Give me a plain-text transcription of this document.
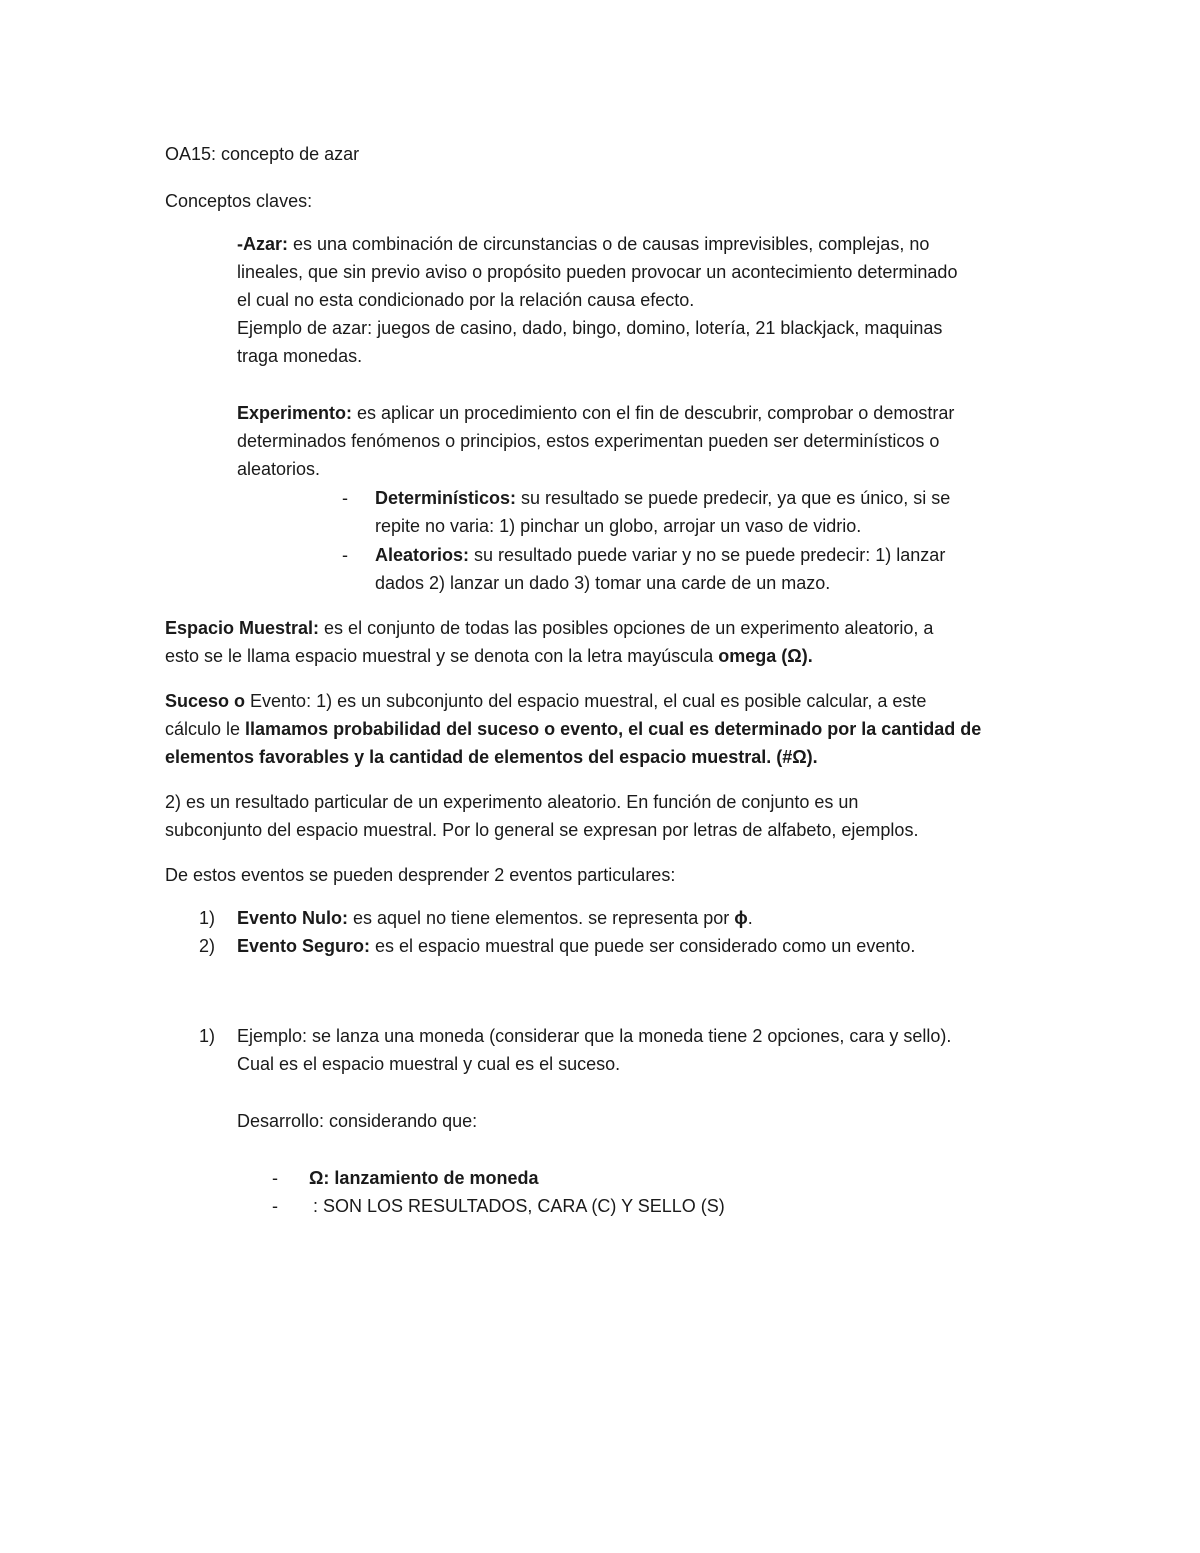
OA15: concepto de azar
Conceptos claves:
-Azar: es una combinación de circunstancias o de causas imprevisibles, complejas, no
lineales, que sin previo aviso o propósito pueden provocar un acontecimiento determinado
el cual no esta condicionado por la relación causa efecto.
Ejemplo de azar: juegos de casino, dado, bingo, domino, lotería, 21 blackjack, maquinas
traga monedas.
Experimento: es aplicar un procedimiento con el fin de descubrir, comprobar o demostrar
determinados fenómenos o principios, estos experimentan pueden ser determinísticos o
aleatorios.
- Determinísticos: su resultado se puede predecir, ya que es único, si se
repite no varia: 1) pinchar un globo, arrojar un vaso de vidrio.
- Aleatorios: su resultado puede variar y no se puede predecir: 1) lanzar
dados 2) lanzar un dado 3) tomar una carde de un mazo.
Espacio Muestral: es el conjunto de todas las posibles opciones de un experimento aleatorio, a
esto se le llama espacio muestral y se denota con la letra mayúscula omega (Ω).
Suceso o Evento: 1) es un subconjunto del espacio muestral, el cual es posible calcular, a este
cálculo le llamamos probabilidad del suceso o evento, el cual es determinado por la cantidad de
elementos favorables y la cantidad de elementos del espacio muestral. (#Ω).
2) es un resultado particular de un experimento aleatorio. En función de conjunto es un
subconjunto del espacio muestral. Por lo general se expresan por letras de alfabeto, ejemplos.
De estos eventos se pueden desprender 2 eventos particulares:
1) Evento Nulo: es aquel no tiene elementos. se representa por ϕ.
2) Evento Seguro: es el espacio muestral que puede ser considerado como un evento.
1) Ejemplo: se lanza una moneda (considerar que la moneda tiene 2 opciones, cara y sello).
Cual es el espacio muestral y cual es el suceso.
Desarrollo: considerando que:
- Ω: lanzamiento de moneda
- : SON LOS RESULTADOS, CARA (C) Y SELLO (S)
